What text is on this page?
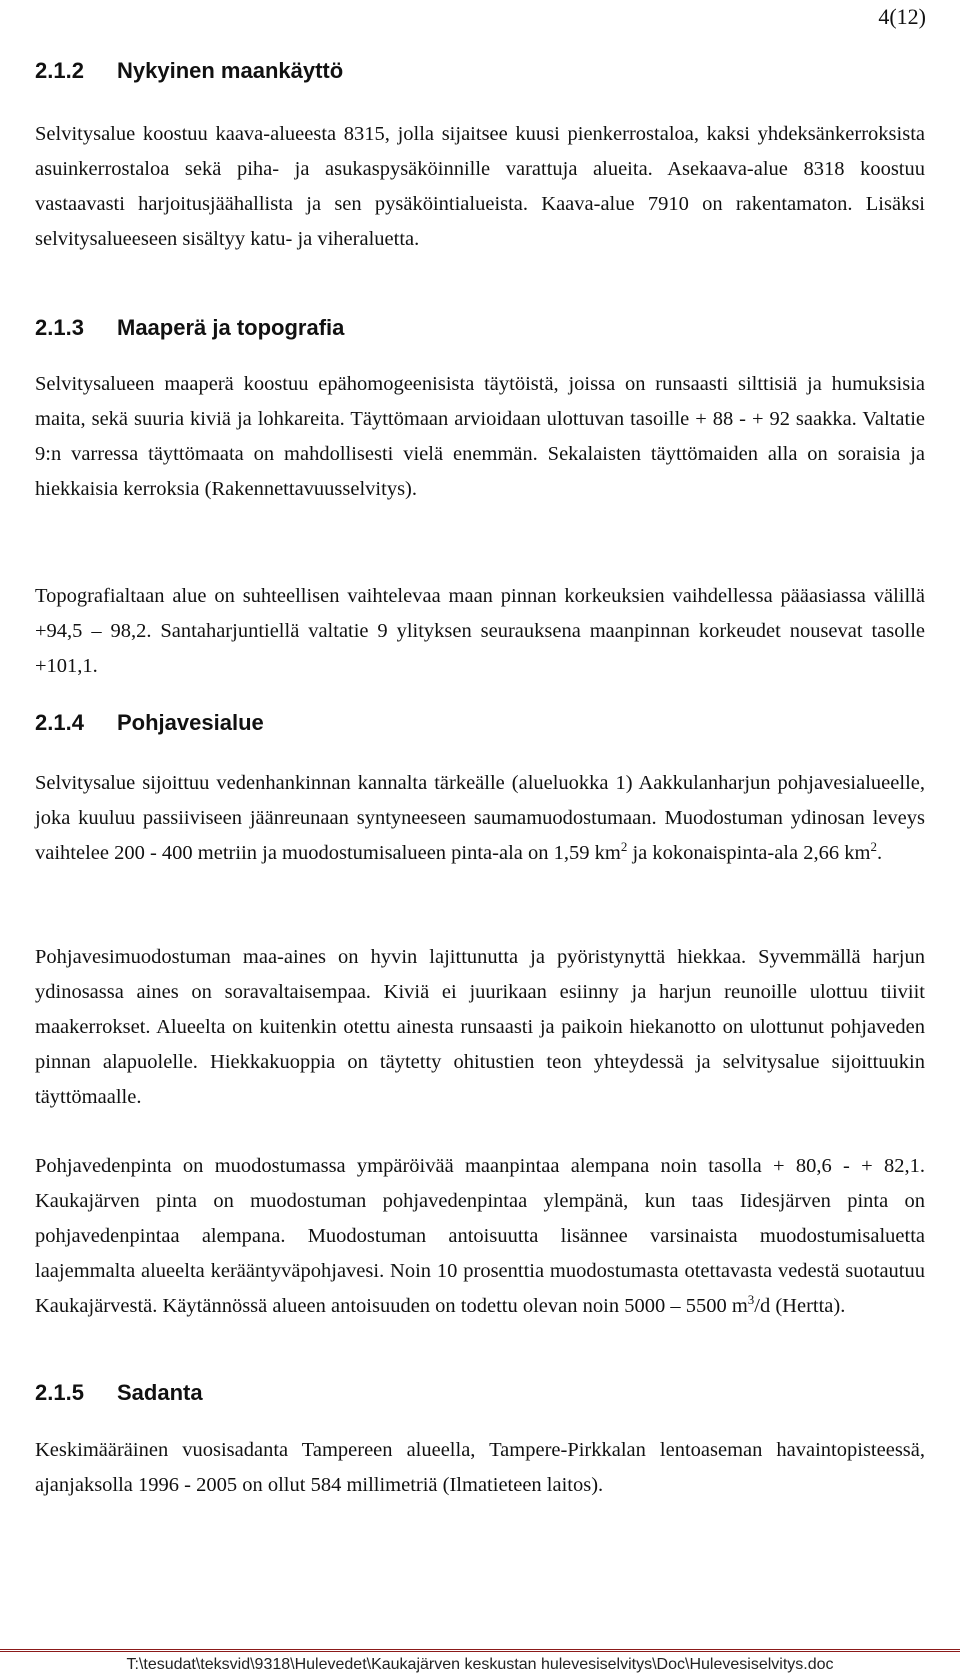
4(12)
2.1.2 Nykyinen maankäyttö

Selvitysalue koostuu kaava-alueesta 8315, jolla sijaitsee kuusi pienkerrostaloa, kaksi yhdeksänkerroksista asuinkerrostaloa sekä piha- ja asukaspysäköinnille varattuja alueita. Asekaava-alue 8318 koostuu vastaavasti harjoitusjäähallista ja sen pysäköintialueista. Kaava-alue 7910 on rakentamaton. Lisäksi selvitysalueeseen sisältyy katu- ja viheraluetta.

2.1.3 Maaperä ja topografia

Selvitysalueen maaperä koostuu epähomogeenisista täytöistä, joissa on runsaasti silttisiä ja humuksisia maita, sekä suuria kiviä ja lohkareita. Täyttömaan arvioidaan ulottuvan tasoille + 88 - + 92 saakka. Valtatie 9:n varressa täyttömaata on mahdollisesti vielä enemmän. Sekalaisten täyttömaiden alla on soraisia ja hiekkaisia kerroksia (Rakennettavuusselvitys).

Topografialtaan alue on suhteellisen vaihtelevaa maan pinnan korkeuksien vaihdellessa pääasiassa välillä +94,5 – 98,2. Santaharjuntiellä valtatie 9 ylityksen seurauksena maanpinnan korkeudet nousevat tasolle +101,1.

2.1.4 Pohjavesialue

Selvitysalue sijoittuu vedenhankinnan kannalta tärkeälle (alueluokka 1) Aakkulanharjun pohjavesialueelle, joka kuuluu passiiviseen jäänreunaan syntyneeseen saumamuodostumaan. Muodostuman ydinosan leveys vaihtelee 200 - 400 metriin ja muodostumisalueen pinta-ala on 1,59 $km^2$ ja kokonaispinta-ala 2,66 $km^2$.

Pohjavesimuodostuman maa-aines on hyvin lajittunutta ja pyöristynyttä hiekkaa. Syvemmällä harjun ydinosassa aines on soravaltaisempaa. Kiviä ei juurikaan esiinny ja harjun reunoille ulottuu tiiviit maakerrokset. Alueelta on kuitenkin otettu ainesta runsaasti ja paikoin hiekanotto on ulottunut pohjaveden pinnan alapuolelle. Hiekkakuoppia on täytetty ohitustien teon yhteydessä ja selvitysalue sijoittuukin täyttömaalle.

Pohjavedenpinta on muodostumassa ympäröivää maanpintaa alempana noin tasolla + 80,6 - + 82,1. Kaukajärven pinta on muodostuman pohjavedenpintaa ylempänä, kun taas Iidesjärven pinta on pohjavedenpintaa alempana. Muodostuman antoisuutta lisännee varsinaista muodostumisaluetta laajemmalta alueelta kerääntyväpohjavesi. Noin 10 prosenttia muodostumasta otettavasta vedestä suotautuu Kaukajärvestä. Käytännössä alueen antoisuuden on todettu olevan noin 5000 – 5500 $m^3/d$ (Hertta).

2.1.5 Sadanta

Keskimääräinen vuosisadanta Tampereen alueella, Tampere-Pirkkalan lentoaseman havaintopisteessä, ajanjaksolla 1996 - 2005 on ollut 584 millimetriä (Ilmatieteen laitos).

T:\tesudat\teksvid\9318\Hulevedet\Kaukajärven keskustan hulevesiselvitys\Doc\Hulevesiselvitys.doc
